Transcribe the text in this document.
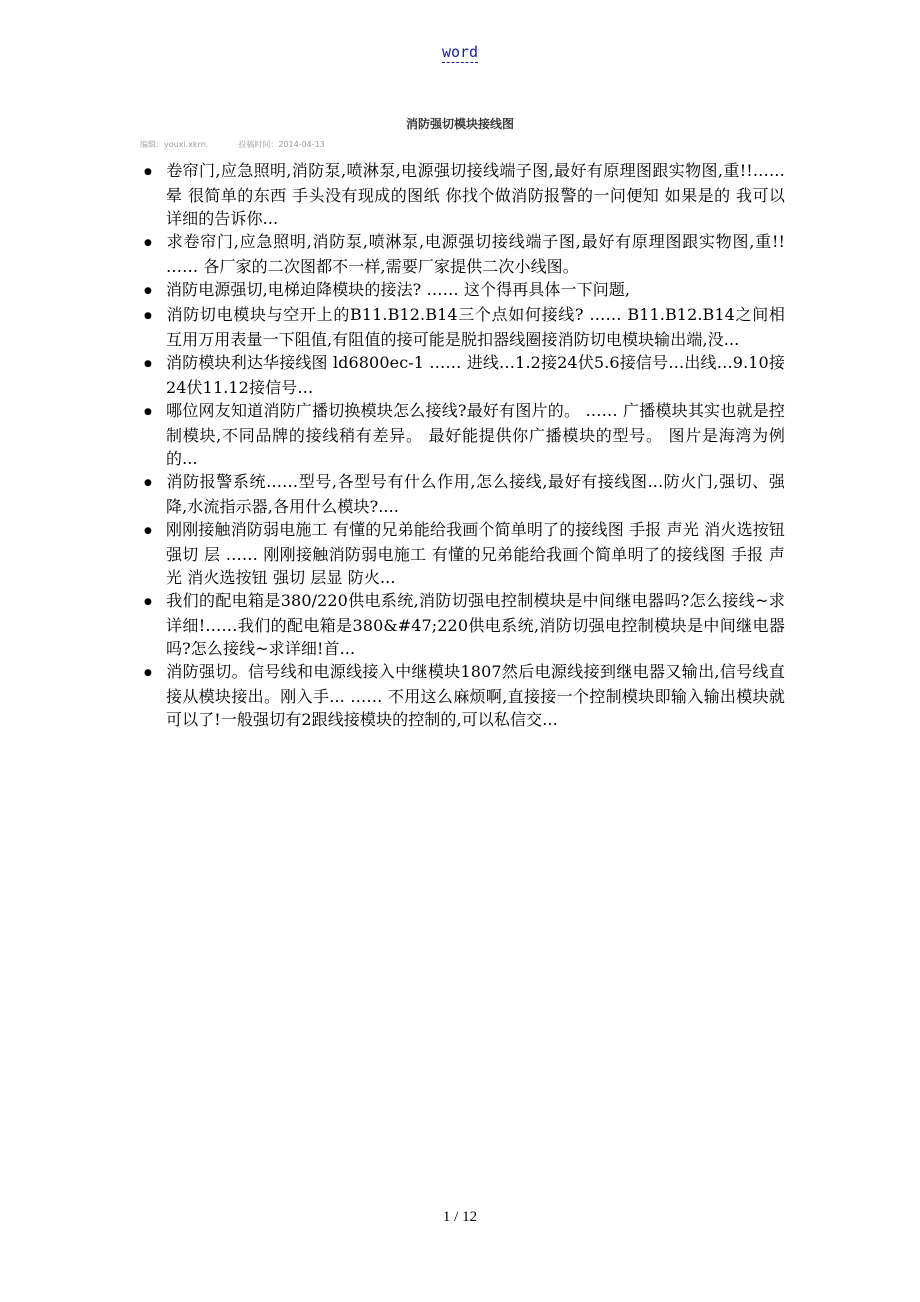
word
消防强切模块接线图
编辑：youxi.xkrn.	投稿时间：2014-04-13
● 卷帘门,应急照明,消防泵,喷淋泵,电源强切接线端子图,最好有原理图跟实物图,重!!…… 晕 很简单的东西 手头没有现成的图纸 你找个做消防报警的一问便知 如果是的 我可以详细的告诉你...
● 求卷帘门,应急照明,消防泵,喷淋泵,电源强切接线端子图,最好有原理图跟实物图,重!! …… 各厂家的二次图都不一样,需要厂家提供二次小线图。
● 消防电源强切,电梯迫降模块的接法? …… 这个得再具体一下问题,
● 消防切电模块与空开上的B11.B12.B14三个点如何接线? …… B11.B12.B14之间相互用万用表量一下阻值,有阻值的接可能是脱扣器线圈接消防切电模块输出端,没...
● 消防模块利达华接线图 ld6800ec-1 …… 进线…1.2接24伏5.6接信号…出线…9.10接24伏11.12接信号…
● 哪位网友知道消防广播切换模块怎么接线?最好有图片的。 …… 广播模块其实也就是控制模块,不同品牌的接线稍有差异。 最好能提供你广播模块的型号。 图片是海湾为例的...
● 消防报警系统……型号,各型号有什么作用,怎么接线,最好有接线图...防火门,强切、强降,水流指示器,各用什么模块?....
● 刚刚接触消防弱电施工 有懂的兄弟能给我画个简单明了的接线图 手报 声光 消火选按钮 强切 层 …… 刚刚接触消防弱电施工 有懂的兄弟能给我画个简单明了的接线图 手报 声光 消火选按钮 强切 层显 防火...
● 我们的配电箱是380/220供电系统,消防切强电控制模块是中间继电器吗?怎么接线~求详细!……我们的配电箱是380&#47;220供电系统,消防切强电控制模块是中间继电器吗?怎么接线~求详细!首...
● 消防强切。信号线和电源线接入中继模块1807然后电源线接到继电器又输出,信号线直接从模块接出。刚入手... …… 不用这么麻烦啊,直接接一个控制模块即输入输出模块就可以了!一般强切有2跟线接模块的控制的,可以私信交...
1 / 12
